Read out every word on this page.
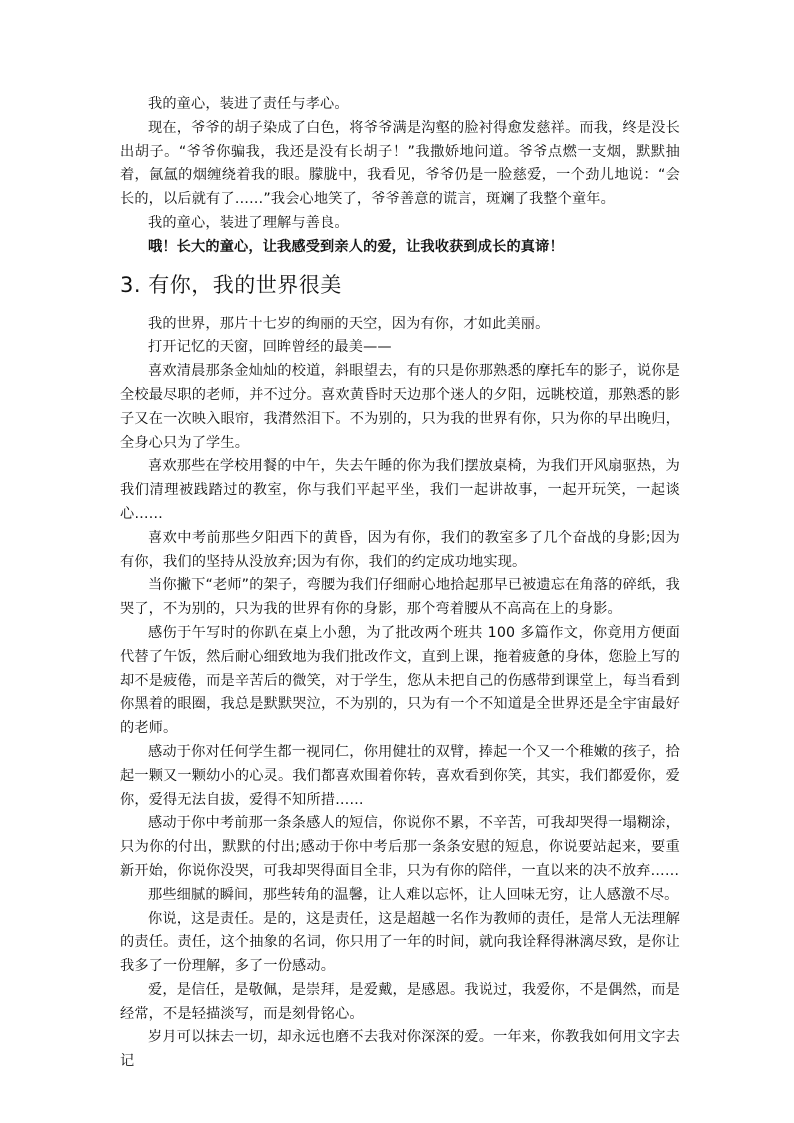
我的童心，装进了责任与孝心。

现在，爷爷的胡子染成了白色，将爷爷满是沟壑的脸衬得愈发慈祥。而我，终是没长出胡子。“爷爷你骗我，我还是没有长胡子！”我撒娇地问道。爷爷点燃一支烟，默默抽着，氤氲的烟缠绕着我的眼。朦胧中，我看见，爷爷仍是一脸慈爱，一个劲儿地说：“会长的，以后就有了……”我会心地笑了，爷爷善意的谎言，斑斓了我整个童年。

我的童心，装进了理解与善良。

哦！长大的童心，让我感受到亲人的爱，让我收获到成长的真谛！

3. 有你，我的世界很美

我的世界，那片十七岁的绚丽的天空，因为有你，才如此美丽。

打开记忆的天窗，回眸曾经的最美——

喜欢清晨那条金灿灿的校道，斜眼望去，有的只是你那熟悉的摩托车的影子，说你是全校最尽职的老师，并不过分。喜欢黄昏时天边那个迷人的夕阳，远眺校道，那熟悉的影子又在一次映入眼帘，我潸然泪下。不为别的，只为我的世界有你，只为你的早出晚归，全身心只为了学生。

喜欢那些在学校用餐的中午，失去午睡的你为我们摆放桌椅，为我们开风扇驱热，为我们清理被践踏过的教室，你与我们平起平坐，我们一起讲故事，一起开玩笑，一起谈心……

喜欢中考前那些夕阳西下的黄昏，因为有你，我们的教室多了几个奋战的身影;因为有你，我们的坚持从没放弃;因为有你，我们的约定成功地实现。

当你撇下“老师”的架子，弯腰为我们仔细耐心地拾起那早已被遗忘在角落的碎纸，我哭了，不为别的，只为我的世界有你的身影，那个弯着腰从不高高在上的身影。

感伤于午写时的你趴在桌上小憩，为了批改两个班共 100 多篇作文，你竟用方便面代替了午饭，然后耐心细致地为我们批改作文，直到上课，拖着疲惫的身体，您脸上写的却不是疲倦，而是辛苦后的微笑，对于学生，您从未把自己的伤感带到课堂上，每当看到你黑着的眼圈，我总是默默哭泣，不为别的，只为有一个不知道是全世界还是全宇宙最好的老师。

感动于你对任何学生都一视同仁，你用健壮的双臂，捧起一个又一个稚嫩的孩子，拾起一颗又一颗幼小的心灵。我们都喜欢围着你转，喜欢看到你笑，其实，我们都爱你，爱你，爱得无法自拔，爱得不知所措……

感动于你中考前那一条条感人的短信，你说你不累，不辛苦，可我却哭得一塌糊涂，只为你的付出，默默的付出;感动于你中考后那一条条安慰的短息，你说要站起来，要重新开始，你说你没哭，可我却哭得面目全非，只为有你的陪伴，一直以来的决不放弃……

那些细腻的瞬间，那些转角的温馨，让人难以忘怀，让人回味无穷，让人感激不尽。

你说，这是责任。是的，这是责任，这是超越一名作为教师的责任，是常人无法理解的责任。责任，这个抽象的名词，你只用了一年的时间，就向我诠释得淋漓尽致，是你让我多了一份理解，多了一份感动。

爱，是信任，是敬佩，是崇拜，是爱戴，是感恩。我说过，我爱你，不是偶然，而是经常，不是轻描淡写，而是刻骨铭心。

岁月可以抹去一切，却永远也磨不去我对你深深的爱。一年来，你教我如何用文字去记
